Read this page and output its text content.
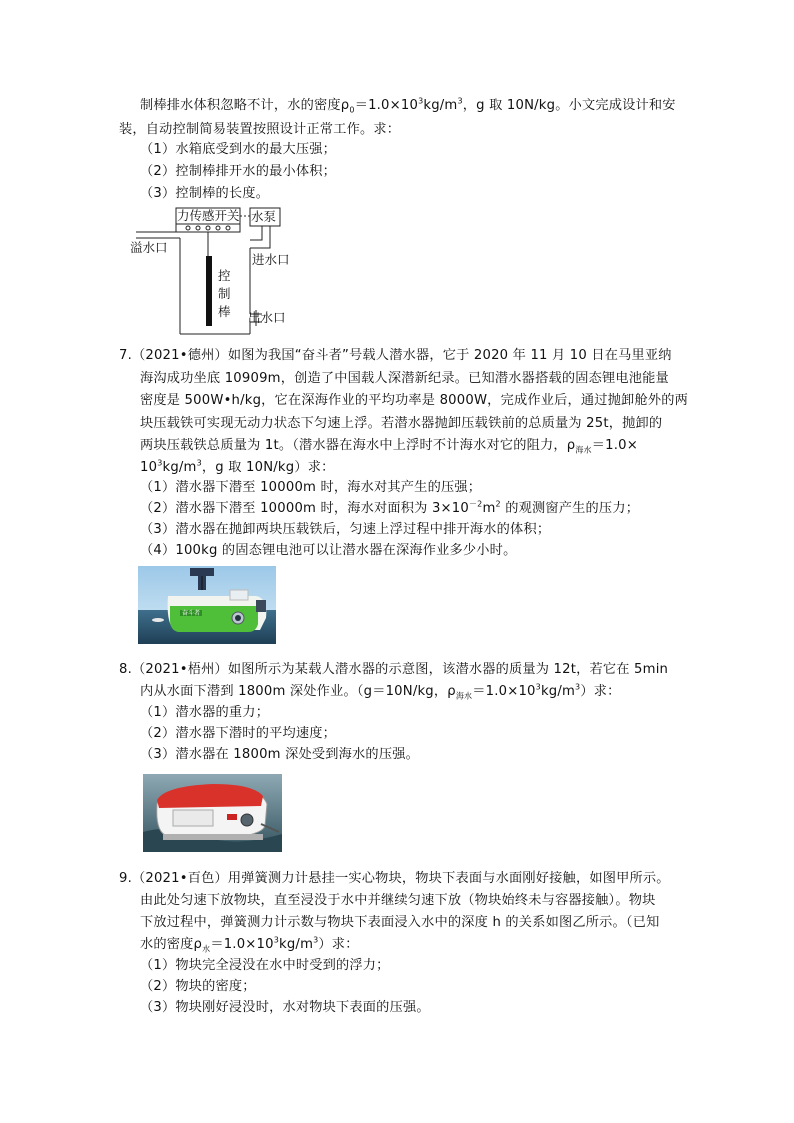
制棒排水体积忽略不计，水的密度$\rho_0=1.0\times 10^3kg/m^3$，g 取 10N/kg。小文完成设计和安
装，自动控制简易装置按照设计正常工作。求：
（1）水箱底受到水的最大压强；
（2）控制棒排开水的最小体积；
（3）控制棒的长度。
力传感开关 水泵
溢水口
进水口
控
制
棒 出水口
7.（2021•德州）如图为我国“奋斗者”号载人潜水器，它于 2020 年 11 月 10 日在马里亚纳
海沟成功坐底 10909m，创造了中国载人深潜新纪录。已知潜水器搭载的固态锂电池能量
密度是 500W•h/kg，它在深海作业的平均功率是 8000W，完成作业后，通过抛卸舱外的两
块压载铁可实现无动力状态下匀速上浮。若潜水器抛卸压载铁前的总质量为 25t，抛卸的
两块压载铁总质量为 1t。（潜水器在海水中上浮时不计海水对它的阻力，$\rho_{海水}=1.0\times$
$10^3kg/m^3$，g 取 10N/kg）求：
（1）潜水器下潜至 10000m 时，海水对其产生的压强；
（2）潜水器下潜至 10000m 时，海水对面积为 $3\times 10^{-2}m^2$ 的观测窗产生的压力；
（3）潜水器在抛卸两块压载铁后，匀速上浮过程中排开海水的体积；
（4）100kg 的固态锂电池可以让潜水器在深海作业多少小时。
奋斗者
8.（2021•梧州）如图所示为某载人潜水器的示意图，该潜水器的质量为 12t，若它在 5min
内从水面下潜到 1800m 深处作业。（g＝10N/kg，$\rho_{海水}=1.0\times 10^3kg/m^3$）求：
（1）潜水器的重力；
（2）潜水器下潜时的平均速度；
（3）潜水器在 1800m 深处受到海水的压强。
9.（2021•百色）用弹簧测力计悬挂一实心物块，物块下表面与水面刚好接触，如图甲所示。
由此处匀速下放物块，直至浸没于水中并继续匀速下放（物块始终未与容器接触）。物块
下放过程中，弹簧测力计示数与物块下表面浸入水中的深度 h 的关系如图乙所示。（已知
水的密度$\rho_水=1.0\times 10^3kg/m^3$）求：
（1）物块完全浸没在水中时受到的浮力；
（2）物块的密度；
（3）物块刚好浸没时，水对物块下表面的压强。
